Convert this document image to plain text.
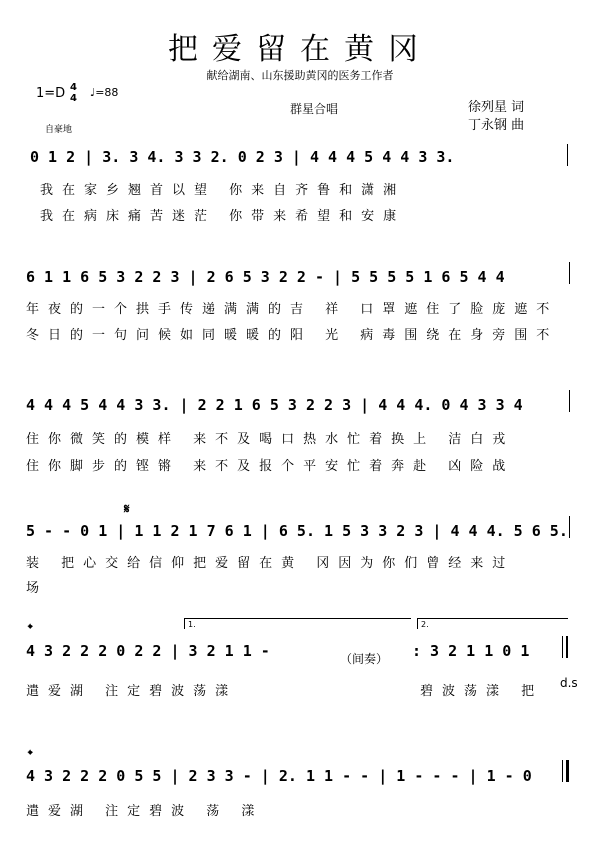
把爱留在黄冈
献给湖南、山东援助黄冈的医务工作者
1=D 4
4 ♩=88
群星合唱	徐列星 词
丁永钢 曲
自豪地
0 1 2 | 3. 3 4. 3 3 2. 0 2 3 | 4 4 4 5 4 4 3 3.
我在家乡翘首以望 你来自齐鲁和潇湘
我在病床痛苦迷茫 你带来希望和安康
6 1 1 6 5 3 2 2 3 | 2 6 5 3 2 2 - | 5 5 5 5 1 6 5 4 4
年夜的一个拱手传递满满的吉 祥 口罩遮住了脸庞遮不
冬日的一句问候如同暖暖的阳 光 病毒围绕在身旁围不
4 4 4 5 4 4 3 3. | 2 2 1 6 5 3 2 2 3 | 4 4 4. 0 4 3 3 4
住你微笑的模样 来不及喝口热水忙着换上 洁白戎
住你脚步的铿锵 来不及报个平安忙着奔赴 凶险战
𝄋
5 - - 0 1 | 1 1 2 1 7 6 1 | 6 5. 1 5 3 3 2 3 | 4 4 4. 5 6 5.
装 把心交给信仰把爱留在黄 冈因为你们曾经来过
场
𝄌	1.	2.
4 3 2 2 2 0 2 2 | 3 2 1 1 -	（间奏） : 3 2 1 1 0 1
d.s
遣爱湖 注定碧波荡漾	碧波荡漾 把
𝄌
4 3 2 2 2 0 5 5 | 2 3 3 - | 2. 1 1 - - | 1 - - - | 1 - 0
遣爱湖 注定碧波 荡 漾
